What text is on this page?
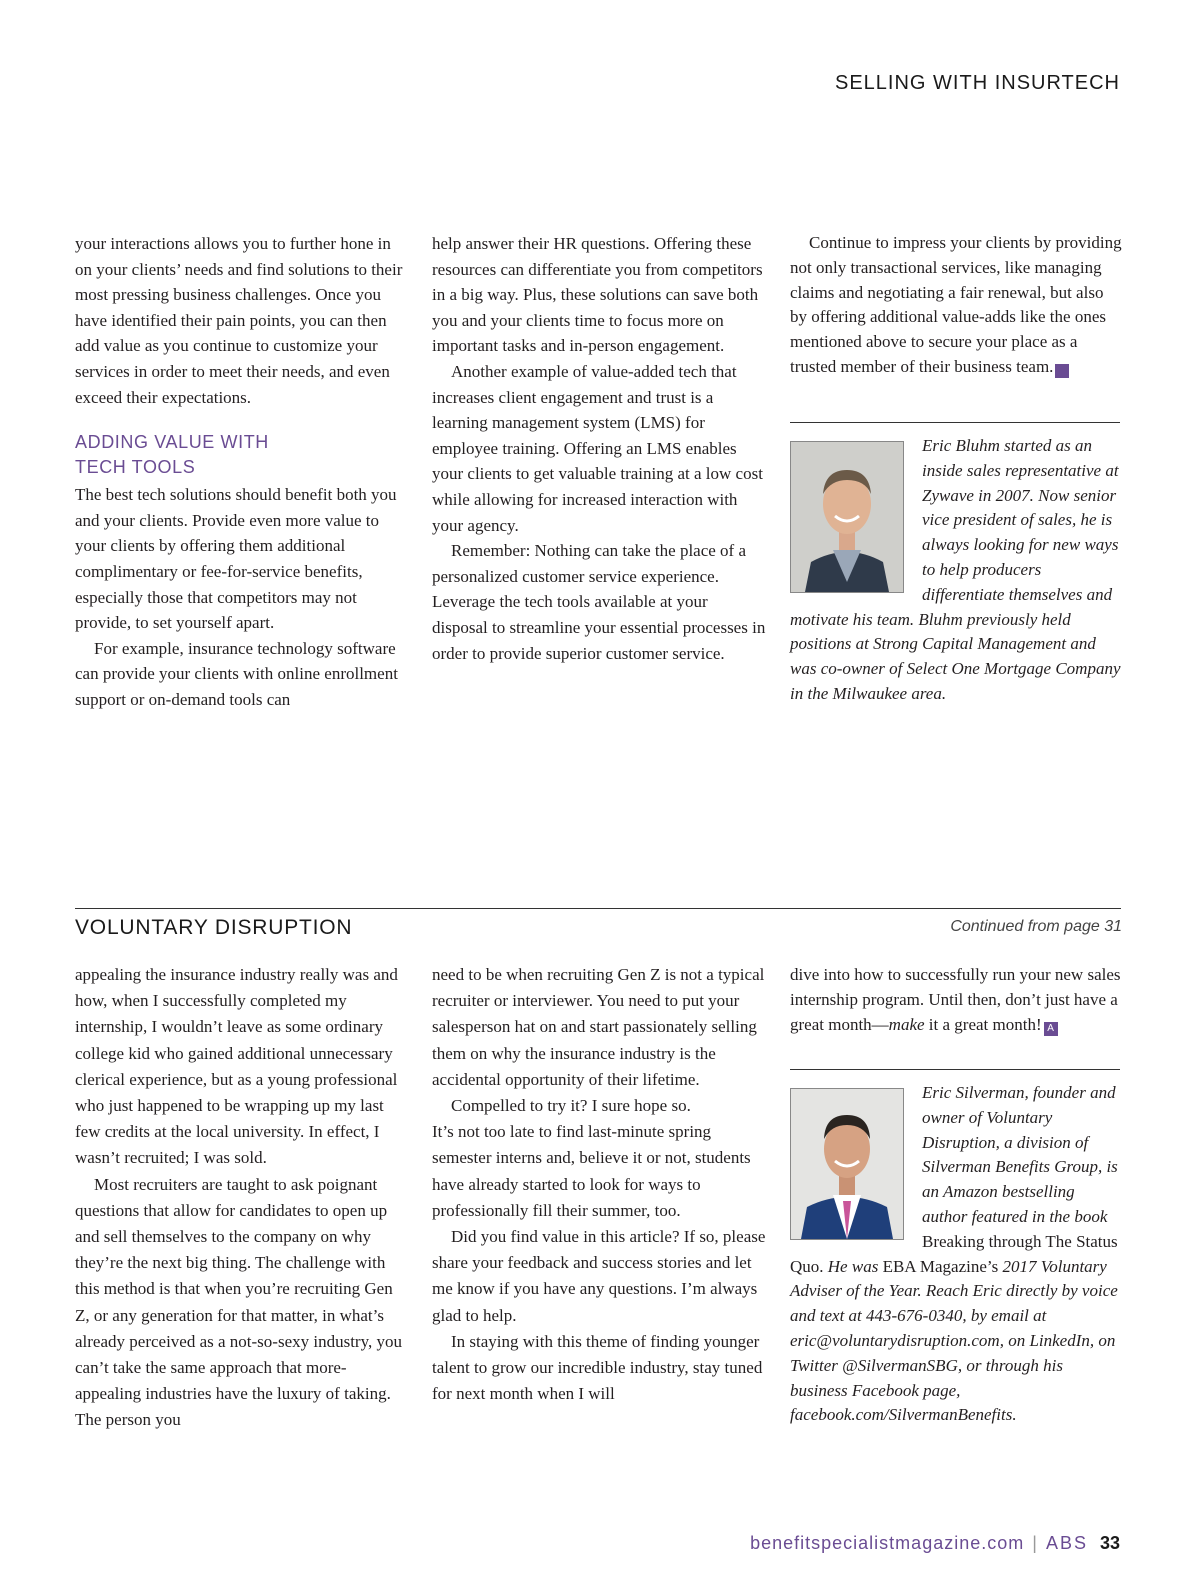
SELLING WITH INSURTECH

your interactions allows you to further hone in on your clients’ needs and find solutions to their most pressing business challenges. Once you have identified their pain points, you can then add value as you continue to customize your services in order to meet their needs, and even exceed their expectations.

ADDING VALUE WITH TECH TOOLS

The best tech solutions should benefit both you and your clients. Provide even more value to your clients by offering them additional complimentary or fee-for-service benefits, especially those that competitors may not provide, to set yourself apart.

For example, insurance technology software can provide your clients with online enrollment support or on-demand tools can

help answer their HR questions. Offering these resources can differentiate you from competitors in a big way. Plus, these solutions can save both you and your clients time to focus more on important tasks and in-person engagement.

Another example of value-added tech that increases client engagement and trust is a learning management system (LMS) for employee training. Offering an LMS enables your clients to get valuable training at a low cost while allowing for increased interaction with your agency.

Remember: Nothing can take the place of a personalized customer service experience. Leverage the tech tools available at your disposal to streamline your essential processes in order to provide superior customer service.

Continue to impress your clients by providing not only transactional services, like managing claims and negotiating a fair renewal, but also by offering additional value-adds like the ones mentioned above to secure your place as a trusted member of their business team. A

Eric Bluhm started as an inside sales representative at Zywave in 2007. Now senior vice president of sales, he is always looking for new ways to help producers differentiate themselves and motivate his team. Bluhm previously held positions at Strong Capital Management and was co-owner of Select One Mortgage Company in the Milwaukee area.

VOLUNTARY DISRUPTION	Continued from page 31

appealing the insurance industry really was and how, when I successfully completed my internship, I wouldn’t leave as some ordinary college kid who gained additional unnecessary clerical experience, but as a young professional who just happened to be wrapping up my last few credits at the local university. In effect, I wasn’t recruited; I was sold.

Most recruiters are taught to ask poignant questions that allow for candidates to open up and sell themselves to the company on why they’re the next big thing. The challenge with this method is that when you’re recruiting Gen Z, or any generation for that matter, in what’s already perceived as a not-so-sexy industry, you can’t take the same approach that more-appealing industries have the luxury of taking. The person you

need to be when recruiting Gen Z is not a typical recruiter or interviewer. You need to put your salesperson hat on and start passionately selling them on why the insurance industry is the accidental opportunity of their lifetime.

Compelled to try it? I sure hope so.

It’s not too late to find last-minute spring semester interns and, believe it or not, students have already started to look for ways to professionally fill their summer, too.

Did you find value in this article? If so, please share your feedback and success stories and let me know if you have any questions. I’m always glad to help.

In staying with this theme of finding younger talent to grow our incredible industry, stay tuned for next month when I will

dive into how to successfully run your new sales internship program. Until then, don’t just have a great month—make it a great month! A

Eric Silverman, founder and owner of Voluntary Disruption, a division of Silverman Benefits Group, is an Amazon bestselling author featured in the book Breaking through The Status Quo. He was EBA Magazine’s 2017 Voluntary Adviser of the Year. Reach Eric directly by voice and text at 443-676-0340, by email at eric@voluntarydisruption.com, on LinkedIn, on Twitter @SilvermanSBG, or through his business Facebook page, facebook.com/SilvermanBenefits.

benefitspecialistmagazine.com | ABS 33
